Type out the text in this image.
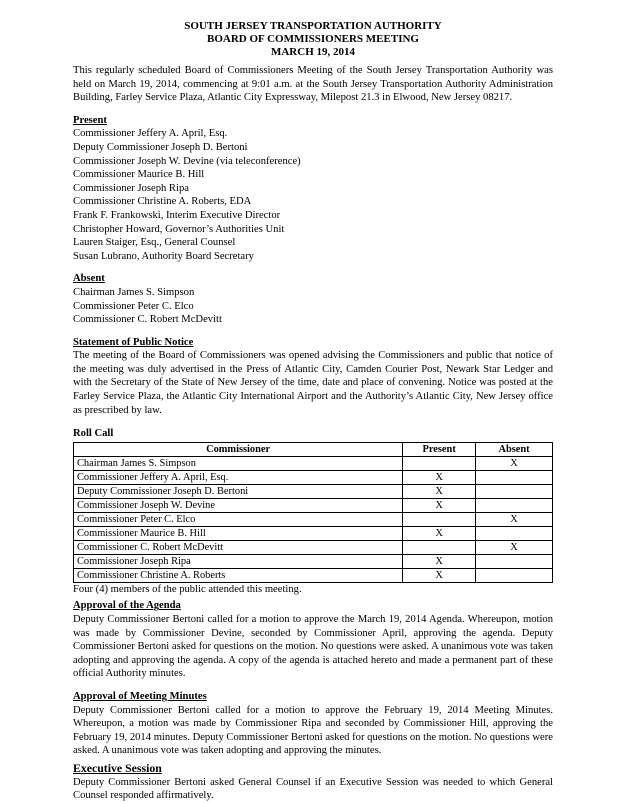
SOUTH JERSEY TRANSPORTATION AUTHORITY
BOARD OF COMMISSIONERS MEETING
MARCH 19, 2014

This regularly scheduled Board of Commissioners Meeting of the South Jersey Transportation Authority was held on March 19, 2014, commencing at 9:01 a.m. at the South Jersey Transportation Authority Administration Building, Farley Service Plaza, Atlantic City Expressway, Milepost 21.3 in Elwood, New Jersey 08217.

Present
Commissioner Jeffery A. April, Esq.
Deputy Commissioner Joseph D. Bertoni
Commissioner Joseph W. Devine (via teleconference)
Commissioner Maurice B. Hill
Commissioner Joseph Ripa
Commissioner Christine A. Roberts, EDA
Frank F. Frankowski, Interim Executive Director
Christopher Howard, Governor’s Authorities Unit
Lauren Staiger, Esq., General Counsel
Susan Lubrano, Authority Board Secretary
Absent
Chairman James S. Simpson
Commissioner Peter C. Elco
Commissioner C. Robert McDevitt
Statement of Public Notice

The meeting of the Board of Commissioners was opened advising the Commissioners and public that notice of the meeting was duly advertised in the Press of Atlantic City, Camden Courier Post, Newark Star Ledger and with the Secretary of the State of New Jersey of the time, date and place of convening. Notice was posted at the Farley Service Plaza, the Atlantic City International Airport and the Authority’s Atlantic City, New Jersey office as prescribed by law.

Roll Call
Commissioner	Present	Absent
Chairman James S. Simpson		X
Commissioner Jeffery A. April, Esq.	X	
Deputy Commissioner Joseph D. Bertoni	X	
Commissioner Joseph W. Devine	X	
Commissioner Peter C. Elco		X
Commissioner Maurice B. Hill	X	
Commissioner C. Robert McDevitt		X
Commissioner Joseph Ripa	X	
Commissioner Christine A. Roberts	X	
Four (4) members of the public attended this meeting.
Approval of the Agenda

Deputy Commissioner Bertoni called for a motion to approve the March 19, 2014 Agenda. Whereupon, motion was made by Commissioner Devine, seconded by Commissioner April, approving the agenda. Deputy Commissioner Bertoni asked for questions on the motion. No questions were asked. A unanimous vote was taken adopting and approving the agenda. A copy of the agenda is attached hereto and made a permanent part of these official Authority minutes.

Approval of Meeting Minutes

Deputy Commissioner Bertoni called for a motion to approve the February 19, 2014 Meeting Minutes. Whereupon, a motion was made by Commissioner Ripa and seconded by Commissioner Hill, approving the February 19, 2014 minutes. Deputy Commissioner Bertoni asked for questions on the motion. No questions were asked. A unanimous vote was taken adopting and approving the minutes.

Executive Session

Deputy Commissioner Bertoni asked General Counsel if an Executive Session was needed to which General Counsel responded affirmatively.
